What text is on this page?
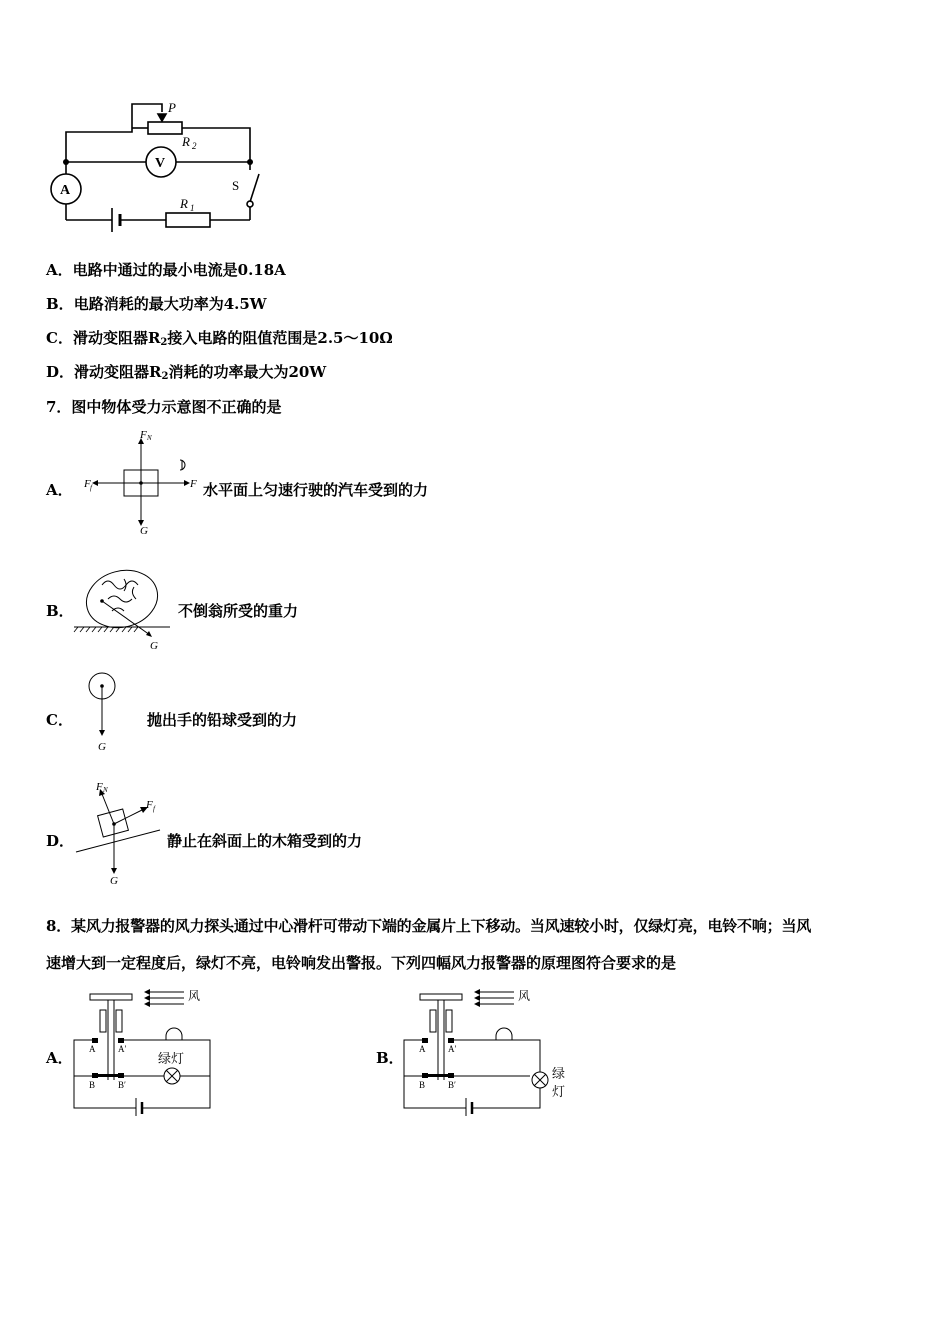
P
R 2
V
A	S
R 1
A．电路中通过的最小电流是0.18A
B．电路消耗的最大功率为4.5W
C．滑动变阻器$R_2$接入电路的阻值范围是2.5～10Ω
D．滑动变阻器$R_2$消耗的功率最大为20W
7．图中物体受力示意图不正确的是
A．
F N
F f	F
G
水平面上匀速行驶的汽车受到的力
B．
G
不倒翁所受的重力
C．
G
抛出手的铅球受到的力
D．
F N
F f
G
静止在斜面上的木箱受到的力
8．某风力报警器的风力探头通过中心滑杆可带动下端的金属片上下移动。当风速较小时，仅绿灯亮，电铃不响；当风
速增大到一定程度后，绿灯不亮，电铃响发出警报。下列四幅风力报警器的原理图符合要求的是
A．
风
A	A′
B	B′
绿灯	B．
风
A	A′
B	B′
绿
灯
